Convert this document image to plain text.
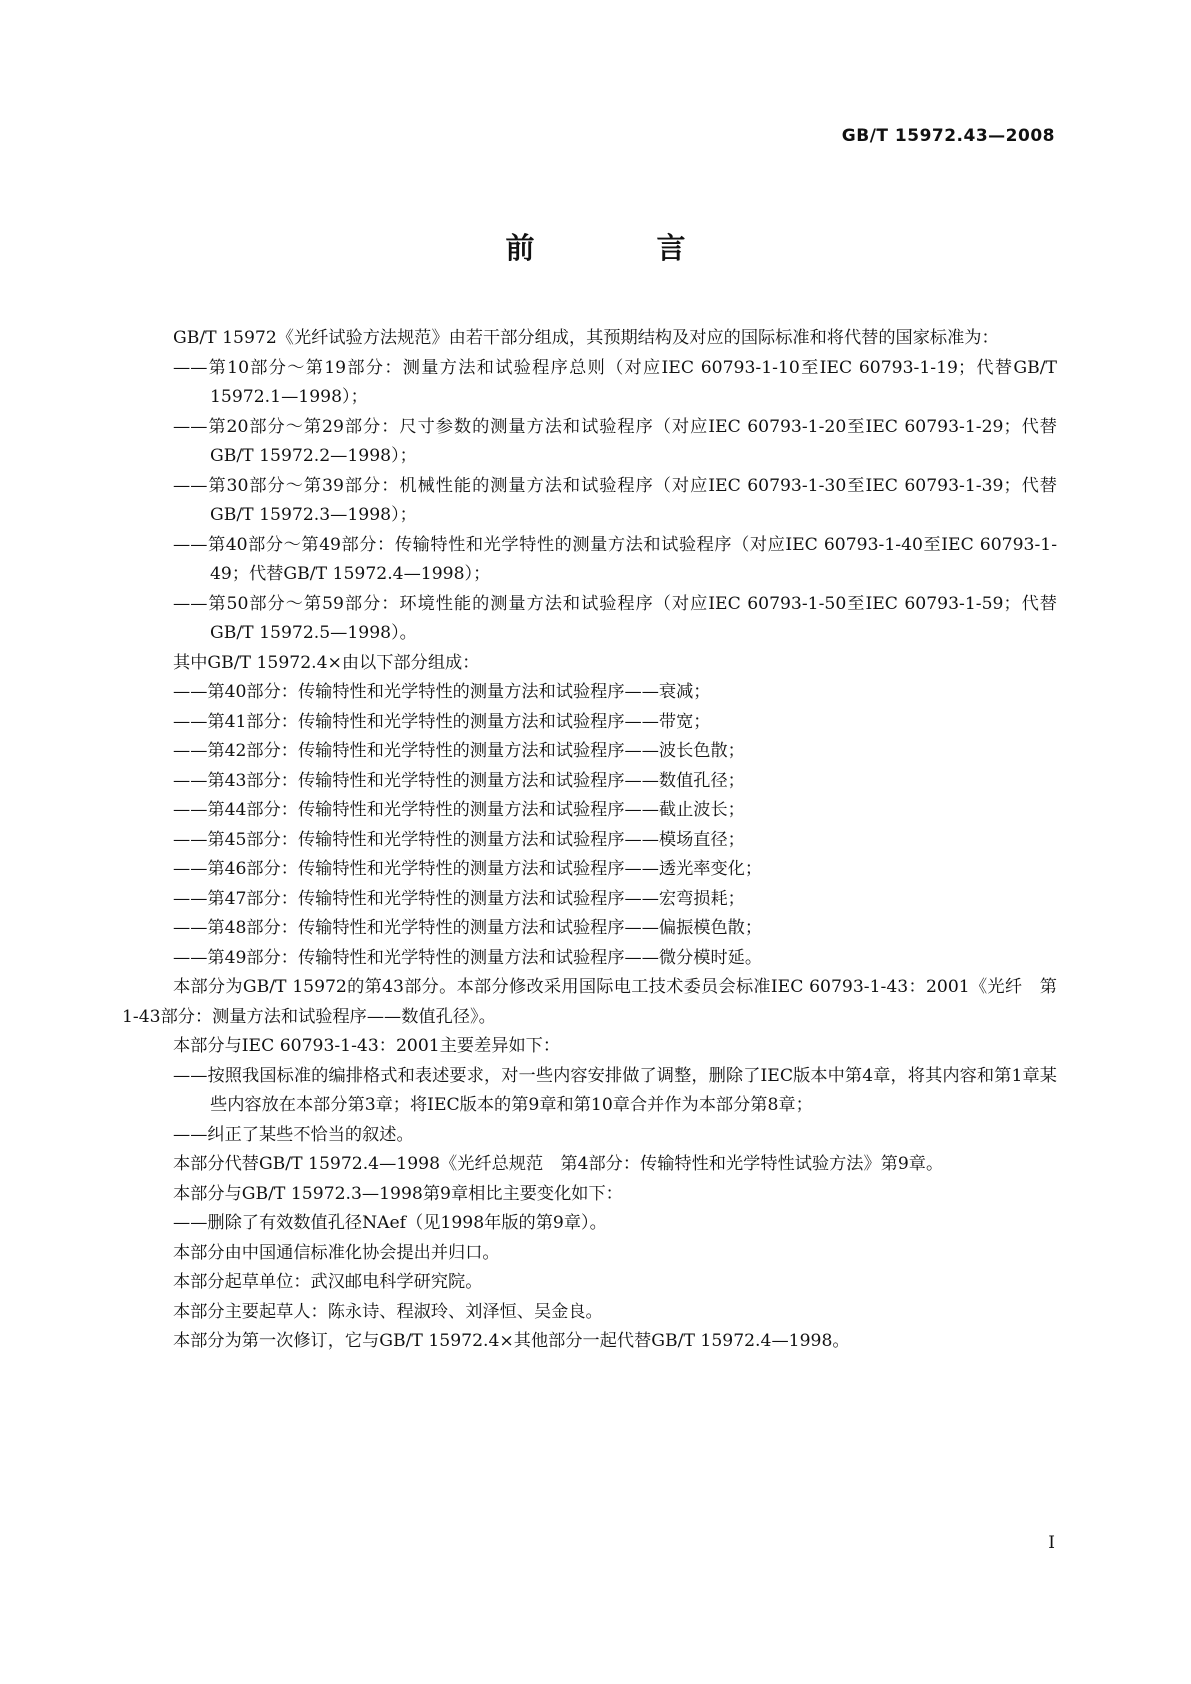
GB/T 15972.43—2008
前 言

GB/T 15972《光纤试验方法规范》由若干部分组成，其预期结构及对应的国际标准和将代替的国家标准为：

——第10部分～第19部分：测量方法和试验程序总则（对应IEC 60793-1-10至IEC 60793-1-19；代替GB/T 15972.1—1998）；

——第20部分～第29部分：尺寸参数的测量方法和试验程序（对应IEC 60793-1-20至IEC 60793-1-29；代替GB/T 15972.2—1998）；

——第30部分～第39部分：机械性能的测量方法和试验程序（对应IEC 60793-1-30至IEC 60793-1-39；代替GB/T 15972.3—1998）；

——第40部分～第49部分：传输特性和光学特性的测量方法和试验程序（对应IEC 60793-1-40至IEC 60793-1-49；代替GB/T 15972.4—1998）；

——第50部分～第59部分：环境性能的测量方法和试验程序（对应IEC 60793-1-50至IEC 60793-1-59；代替GB/T 15972.5—1998）。

其中GB/T 15972.4×由以下部分组成：

——第40部分：传输特性和光学特性的测量方法和试验程序——衰减；

——第41部分：传输特性和光学特性的测量方法和试验程序——带宽；

——第42部分：传输特性和光学特性的测量方法和试验程序——波长色散；

——第43部分：传输特性和光学特性的测量方法和试验程序——数值孔径；

——第44部分：传输特性和光学特性的测量方法和试验程序——截止波长；

——第45部分：传输特性和光学特性的测量方法和试验程序——模场直径；

——第46部分：传输特性和光学特性的测量方法和试验程序——透光率变化；

——第47部分：传输特性和光学特性的测量方法和试验程序——宏弯损耗；

——第48部分：传输特性和光学特性的测量方法和试验程序——偏振模色散；

——第49部分：传输特性和光学特性的测量方法和试验程序——微分模时延。

本部分为GB/T 15972的第43部分。本部分修改采用国际电工技术委员会标准IEC 60793-1-43：2001《光纤　第1-43部分：测量方法和试验程序——数值孔径》。

本部分与IEC 60793-1-43：2001主要差异如下：

——按照我国标准的编排格式和表述要求，对一些内容安排做了调整，删除了IEC版本中第4章，将其内容和第1章某些内容放在本部分第3章；将IEC版本的第9章和第10章合并作为本部分第8章；

——纠正了某些不恰当的叙述。

本部分代替GB/T 15972.4—1998《光纤总规范　第4部分：传输特性和光学特性试验方法》第9章。

本部分与GB/T 15972.3—1998第9章相比主要变化如下：

——删除了有效数值孔径NAef（见1998年版的第9章）。

本部分由中国通信标准化协会提出并归口。

本部分起草单位：武汉邮电科学研究院。

本部分主要起草人：陈永诗、程淑玲、刘泽恒、吴金良。

本部分为第一次修订，它与GB/T 15972.4×其他部分一起代替GB/T 15972.4—1998。

I
